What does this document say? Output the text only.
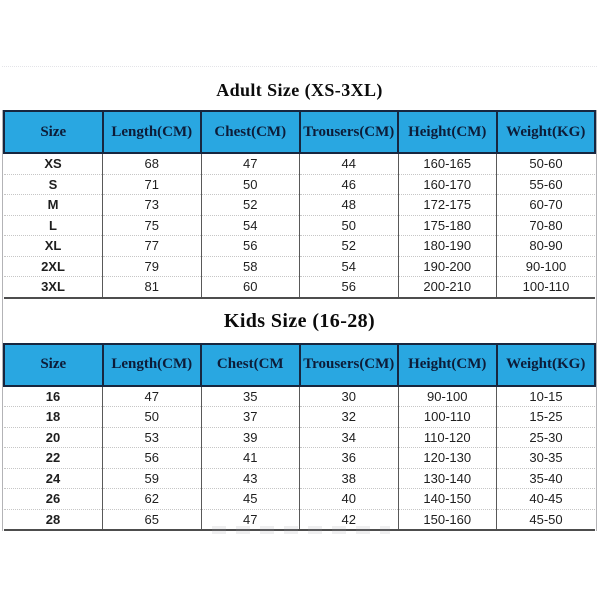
Adult Size (XS-3XL)
Size	Length(CM)	Chest(CM)	Trousers(CM)	Height(CM)	Weight(KG)
XS	68	47	44	160-165	50-60
S	71	50	46	160-170	55-60
M	73	52	48	172-175	60-70
L	75	54	50	175-180	70-80
XL	77	56	52	180-190	80-90
2XL	79	58	54	190-200	90-100
3XL	81	60	56	200-210	100-110
Kids Size (16-28)
Size	Length(CM)	Chest(CM	Trousers(CM)	Height(CM)	Weight(KG)
16	47	35	30	90-100	10-15
18	50	37	32	100-110	15-25
20	53	39	34	110-120	25-30
22	56	41	36	120-130	30-35
24	59	43	38	130-140	35-40
26	62	45	40	140-150	40-45
28	65	47	42	150-160	45-50
